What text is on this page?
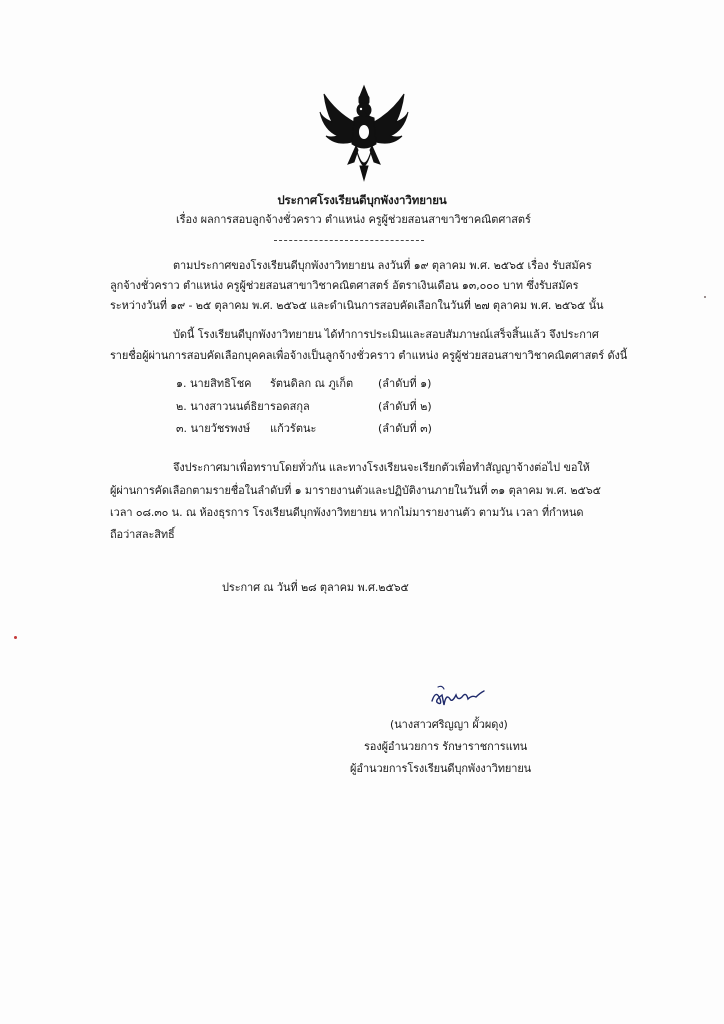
ประกาศโรงเรียนดีบุกพังงาวิทยายน
เรื่อง ผลการสอบลูกจ้างชั่วคราว ตำแหน่ง ครูผู้ช่วยสอนสาขาวิชาคณิตศาสตร์
ตามประกาศของโรงเรียนดีบุกพังงาวิทยายน ลงวันที่ ๑๙ ตุลาคม พ.ศ. ๒๕๖๕ เรื่อง รับสมัคร
ลูกจ้างชั่วคราว ตำแหน่ง ครูผู้ช่วยสอนสาขาวิชาคณิตศาสตร์ อัตราเงินเดือน ๑๓,๐๐๐ บาท ซึ่งรับสมัคร
ระหว่างวันที่ ๑๙ - ๒๕ ตุลาคม พ.ศ. ๒๕๖๕ และดำเนินการสอบคัดเลือกในวันที่ ๒๗ ตุลาคม พ.ศ. ๒๕๖๕ นั้น
บัดนี้ โรงเรียนดีบุกพังงาวิทยายน ได้ทำการประเมินและสอบสัมภาษณ์เสร็จสิ้นแล้ว จึงประกาศ
รายชื่อผู้ผ่านการสอบคัดเลือกบุคคลเพื่อจ้างเป็นลูกจ้างชั่วคราว ตำแหน่ง ครูผู้ช่วยสอนสาขาวิชาคณิตศาสตร์ ดังนี้
๑. นายสิทธิโชค รัตนดิลก ณ ภูเก็ต (ลำดับที่ ๑)
๒. นางสาวนนต์ธิยา รอดสกุล	(ลำดับที่ ๒)
๓. นายวัชรพงษ์ แก้วรัตนะ	(ลำดับที่ ๓)
จึงประกาศมาเพื่อทราบโดยทั่วกัน และทางโรงเรียนจะเรียกตัวเพื่อทำสัญญาจ้างต่อไป ขอให้
ผู้ผ่านการคัดเลือกตามรายชื่อในลำดับที่ ๑ มารายงานตัวและปฏิบัติงานภายในวันที่ ๓๑ ตุลาคม พ.ศ. ๒๕๖๕
เวลา ๐๘.๓๐ น. ณ ห้องธุรการ โรงเรียนดีบุกพังงาวิทยายน หากไม่มารายงานตัว ตามวัน เวลา ที่กำหนด
ถือว่าสละสิทธิ์
ประกาศ ณ วันที่ ๒๘ ตุลาคม พ.ศ.๒๕๖๕
(นางสาวศริญญา ผั้วผดุง)
รองผู้อำนวยการ รักษาราชการแทน
ผู้อำนวยการโรงเรียนดีบุกพังงาวิทยายน
